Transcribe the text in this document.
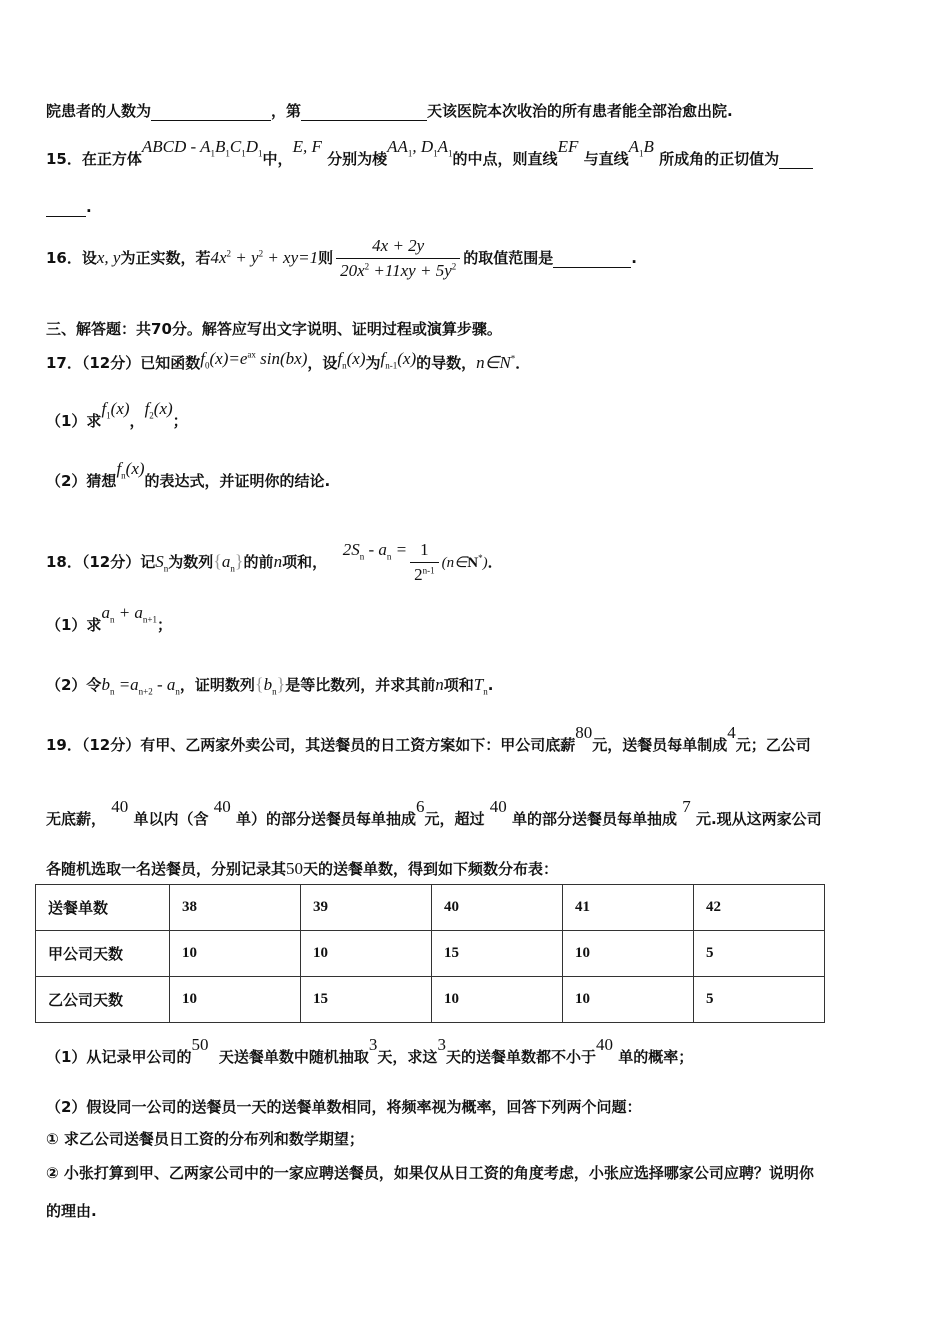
院患者的人数为	，第	天该医院本次收治的所有患者能全部治愈出院.
15．在正方体ABCD - $A_1B_1C_1D_1$中，E, F 分别为棱$AA_1$, $D_1A_1$的中点，则直线EF 与直线$A_1B$ 所成角的正切值为
.
16．设x, y为正实数，若$4x^2 + y^2 + xy=1$则 $\frac{4x + 2y}{20x^2 +11xy + 5y^2}$ 的取值范围是	.
三、解答题：共70分。解答应写出文字说明、证明过程或演算步骤。
17．（12分）已知函数$f_0(x)=e^{ax}$ sin(bx)，设$f_n(x)$为$f_{n-1}(x)$的导数，n∈N*．
（1）求$f_1(x)$，$f_2(x)$；
（2）猜想$f_n(x)$的表达式，并证明你的结论.
18．（12分）记$S_n$为数列$\{a_n\}$的前n项和，   $2S_n - a_n = \frac{1}{2^{n-1}}$ (n∈N*)．
（1）求$a_n + a_{n+1}$；
（2）令$b_n =a_{n+2} - a_n$，证明数列$\{b_n\}$是等比数列，并求其前n项和$T_n$.
19．（12分）有甲、乙两家外卖公司，其送餐员的日工资方案如下：甲公司底薪80元，送餐员每单制成4元；乙公司
无底薪， 40 单以内（含 40 单）的部分送餐员每单抽成6元，超过 40 单的部分送餐员每单抽成 7 元.现从这两家公司
各随机选取一名送餐员，分别记录其50天的送餐单数，得到如下频数分布表：
送餐单数	38	39	40	41	42
甲公司天数	10	10	15	10	5
乙公司天数	10	15	10	10	5
（1）从记录甲公司的50  天送餐单数中随机抽取3天，求这3天的送餐单数都不小于40 单的概率；
（2）假设同一公司的送餐员一天的送餐单数相同，将频率视为概率，回答下列两个问题：
① 求乙公司送餐员日工资的分布列和数学期望；
② 小张打算到甲、乙两家公司中的一家应聘送餐员，如果仅从日工资的角度考虑，小张应选择哪家公司应聘？说明你
的理由.
